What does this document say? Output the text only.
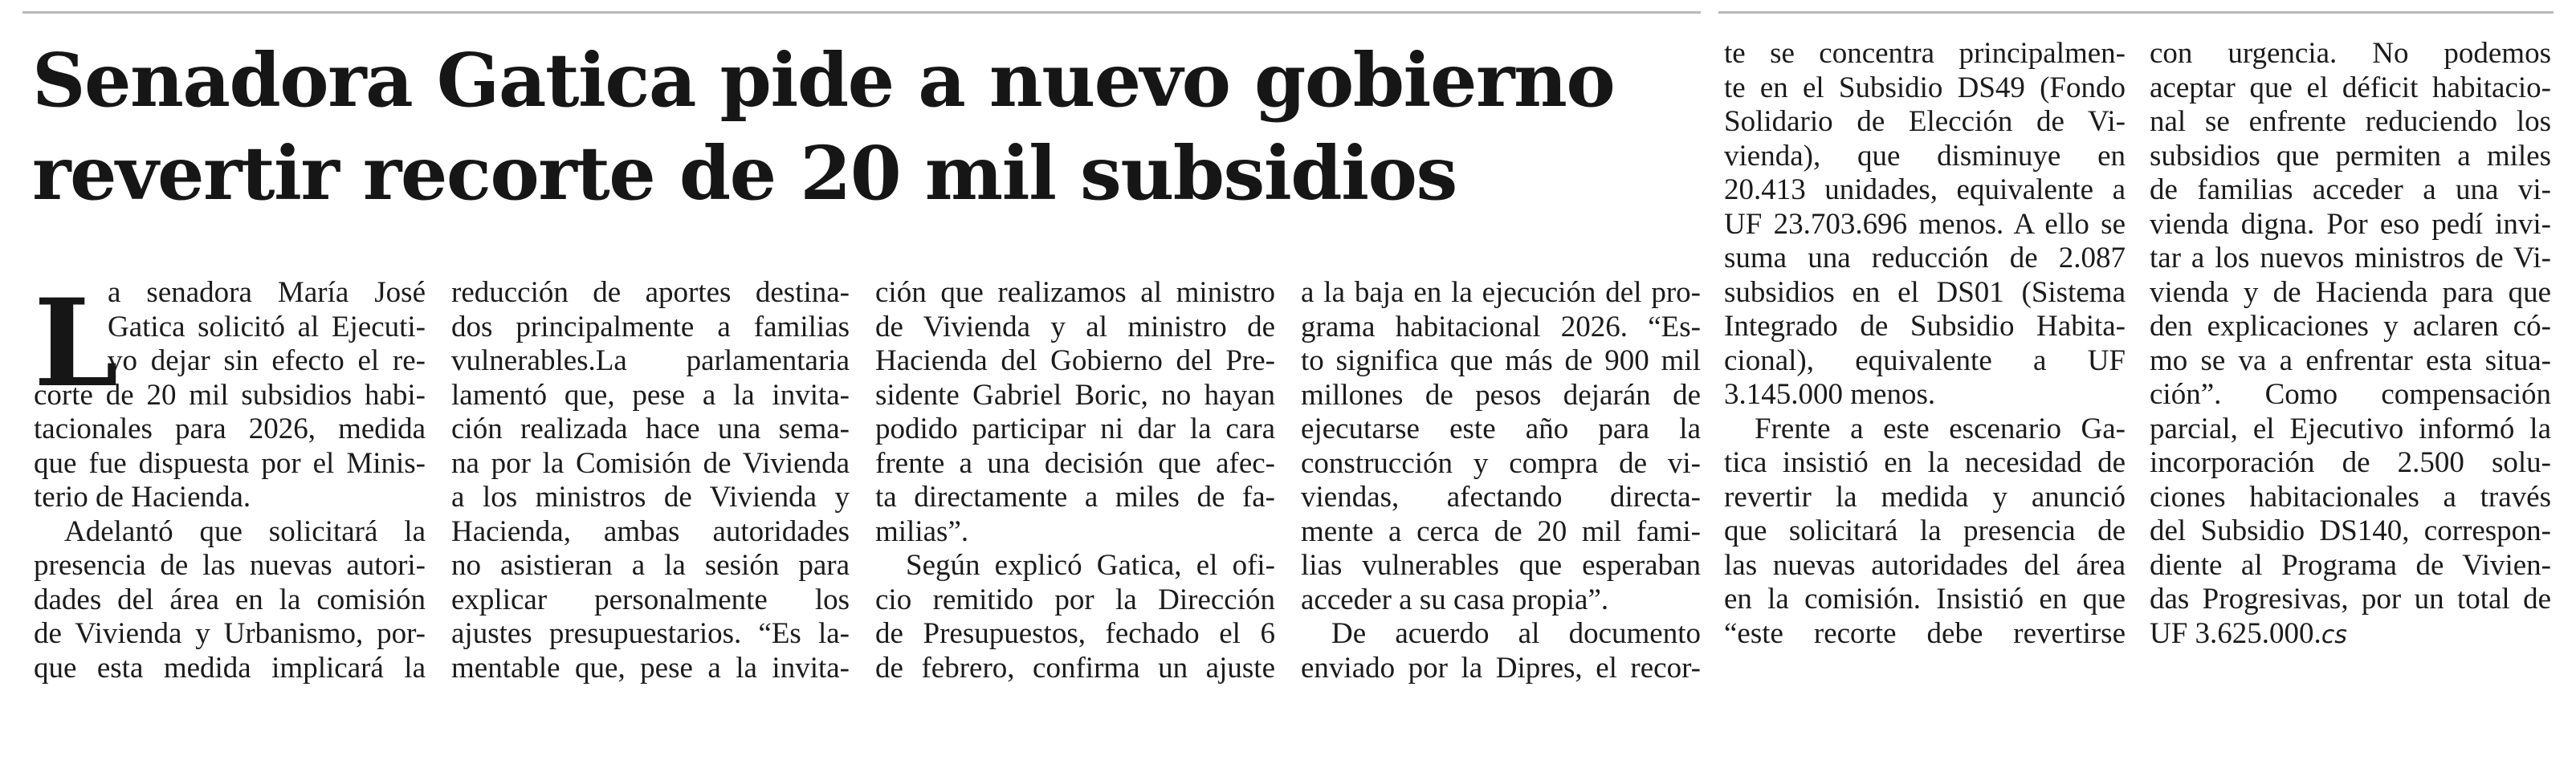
Senadora Gatica pide a nuevo gobierno
revertir recorte de 20 mil subsidios
L
a senadora María José
Gatica solicitó al Ejecuti-
vo dejar sin efecto el re-
corte de 20 mil subsidios habi-
tacionales para 2026, medida
que fue dispuesta por el Minis-
terio de Hacienda.
Adelantó que solicitará la
presencia de las nuevas autori-
dades del área en la comisión
de Vivienda y Urbanismo, por-
que esta medida implicará la
reducción de aportes destina-
dos principalmente a familias
vulnerables.La parlamentaria
lamentó que, pese a la invita-
ción realizada hace una sema-
na por la Comisión de Vivienda
a los ministros de Vivienda y
Hacienda, ambas autoridades
no asistieran a la sesión para
explicar personalmente los
ajustes presupuestarios. “Es la-
mentable que, pese a la invita-
ción que realizamos al ministro
de Vivienda y al ministro de
Hacienda del Gobierno del Pre-
sidente Gabriel Boric, no hayan
podido participar ni dar la cara
frente a una decisión que afec-
ta directamente a miles de fa-
milias”.
Según explicó Gatica, el ofi-
cio remitido por la Dirección
de Presupuestos, fechado el 6
de febrero, confirma un ajuste
a la baja en la ejecución del pro-
grama habitacional 2026. “Es-
to significa que más de 900 mil
millones de pesos dejarán de
ejecutarse este año para la
construcción y compra de vi-
viendas, afectando directa-
mente a cerca de 20 mil fami-
lias vulnerables que esperaban
acceder a su casa propia”.
De acuerdo al documento
enviado por la Dipres, el recor-
te se concentra principalmen-
te en el Subsidio DS49 (Fondo
Solidario de Elección de Vi-
vienda), que disminuye en
20.413 unidades, equivalente a
UF 23.703.696 menos. A ello se
suma una reducción de 2.087
subsidios en el DS01 (Sistema
Integrado de Subsidio Habita-
cional), equivalente a UF
3.145.000 menos.
Frente a este escenario Ga-
tica insistió en la necesidad de
revertir la medida y anunció
que solicitará la presencia de
las nuevas autoridades del área
en la comisión. Insistió en que
“este recorte debe revertirse
con urgencia. No podemos
aceptar que el déficit habitacio-
nal se enfrente reduciendo los
subsidios que permiten a miles
de familias acceder a una vi-
vienda digna. Por eso pedí invi-
tar a los nuevos ministros de Vi-
vienda y de Hacienda para que
den explicaciones y aclaren có-
mo se va a enfrentar esta situa-
ción”. Como compensación
parcial, el Ejecutivo informó la
incorporación de 2.500 solu-
ciones habitacionales a través
del Subsidio DS140, correspon-
diente al Programa de Vivien-
das Progresivas, por un total de
UF 3.625.000.cs
